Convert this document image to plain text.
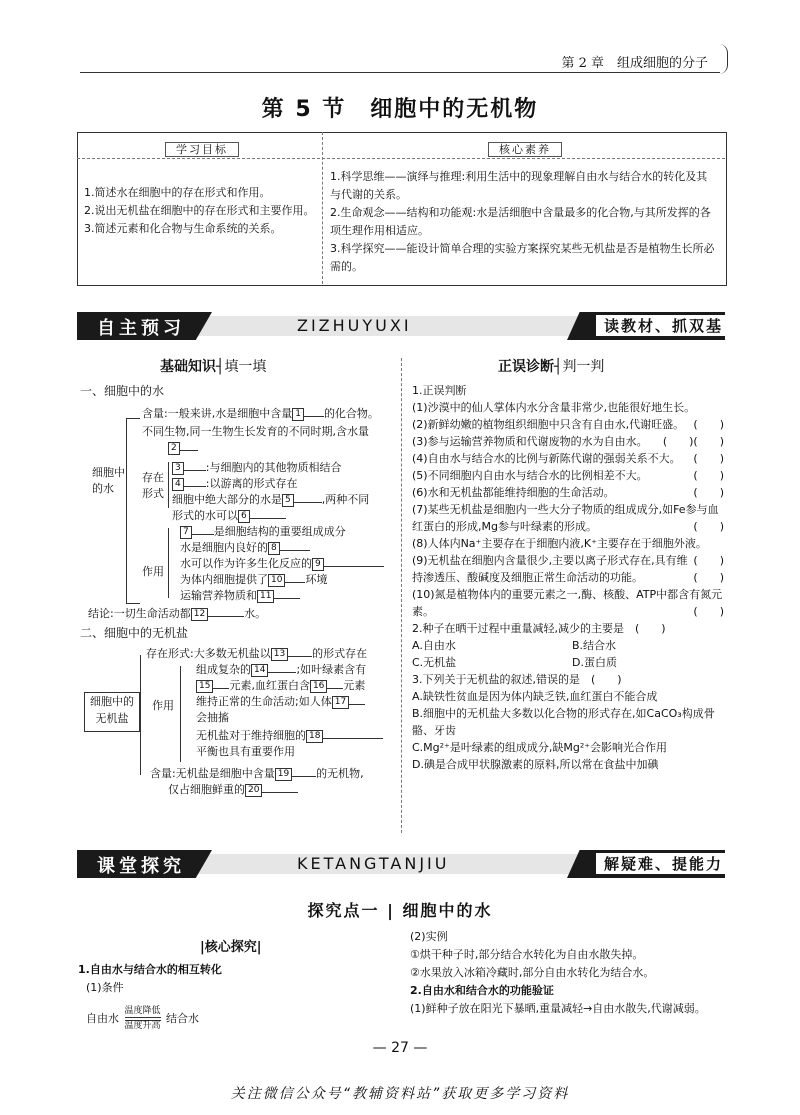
第 2 章　组成细胞的分子
第 5 节　细胞中的无机物
学习目标	核心素养
1.简述水在细胞中的存在形式和作用。
2.说出无机盐在细胞中的存在形式和主要作用。
3.简述元素和化合物与生命系统的关系。
1.科学思维——演绎与推理:利用生活中的现象理解自由水与结合水的转化及其与代谢的关系。
2.生命观念——结构和功能观:水是活细胞中含量最多的化合物,与其所发挥的各项生理作用相适应。
3.科学探究——能设计简单合理的实验方案探究某些无机盐是否是植物生长所必需的。
自主预习	ZIZHUYUXI	读教材、抓双基
基础知识┤填一填
一、细胞中的水
细胞中的水
含量:一般来讲,水是细胞中含量 1 的化合物。
不同生物,同一生物生长发育的不同时期,含水量
2
存在形式
3 :与细胞内的其他物质相结合
4 :以游离的形式存在
细胞中绝大部分的水是 5	,两种不同
形式的水可以 6
作用
7 是细胞结构的重要组成成分
水是细胞内良好的 8
水可以作为许多生化反应的 9
为体内细胞提供了 10 环境
运输营养物质和 11
结论:一切生命活动都 12	水。
二、细胞中的无机盐
细胞中的无机盐
存在形式:大多数无机盐以 13 的形式存在
作用
组成复杂的 14	;如叶绿素含有
15 元素,血红蛋白含 16 元素
维持正常的生命活动;如人体 17
会抽搐
无机盐对于维持细胞的 18
平衡也具有重要作用
含量:无机盐是细胞中含量 19 的无机物,
仅占细胞鲜重的 20
正误诊断┤判一判
1.正误判断
(1)沙漠中的仙人掌体内水分含量非常少,也能很好地生长。
(　　)
(2)新鲜幼嫩的植物组织细胞中只含有自由水,代谢旺盛。
(　　)
(3)参与运输营养物质和代谢废物的水为自由水。 (　　)
(4)自由水与结合水的比例与新陈代谢的强弱关系不大。 (　　)
(5)不同细胞内自由水与结合水的比例相差不大。	(　　)
(6)水和无机盐都能维持细胞的生命活动。	(　　)
(7)某些无机盐是细胞内一些大分子物质的组成成分,如Fe参与血红蛋白的形成,Mg参与叶绿素的形成。	(　　)
(8)人体内Na⁺主要存在于细胞内液,K⁺主要存在于细胞外液。
(　　)
(9)无机盐在细胞内含量很少,主要以离子形式存在,具有维持渗透压、酸碱度及细胞正常生命活动的功能。	(　　)
(10)氮是植物体内的重要元素之一,酶、核酸、ATP中都含有氮元素。	(　　)
2.种子在晒干过程中重量减轻,减少的主要是　(　　)
A.自由水	B.结合水
C.无机盐	D.蛋白质
3.下列关于无机盐的叙述,错误的是　(　　)
A.缺铁性贫血是因为体内缺乏铁,血红蛋白不能合成
B.细胞中的无机盐大多数以化合物的形式存在,如CaCO₃构成骨骼、牙齿
C.Mg²⁺是叶绿素的组成成分,缺Mg²⁺会影响光合作用
D.碘是合成甲状腺激素的原料,所以常在食盐中加碘
课堂探究	KETANGTANJIU	解疑难、提能力
探究点一 | 细胞中的水
|核心探究|
1.自由水与结合水的相互转化
(1)条件
自由水
温度降低
温度升高
结合水
(2)实例
①烘干种子时,部分结合水转化为自由水散失掉。
②水果放入冰箱冷藏时,部分自由水转化为结合水。
2.自由水和结合水的功能验证
(1)鲜种子放在阳光下暴晒,重量减轻→自由水散失,代谢减弱。
— 27 —
关注微信公众号“教辅资料站”获取更多学习资料
